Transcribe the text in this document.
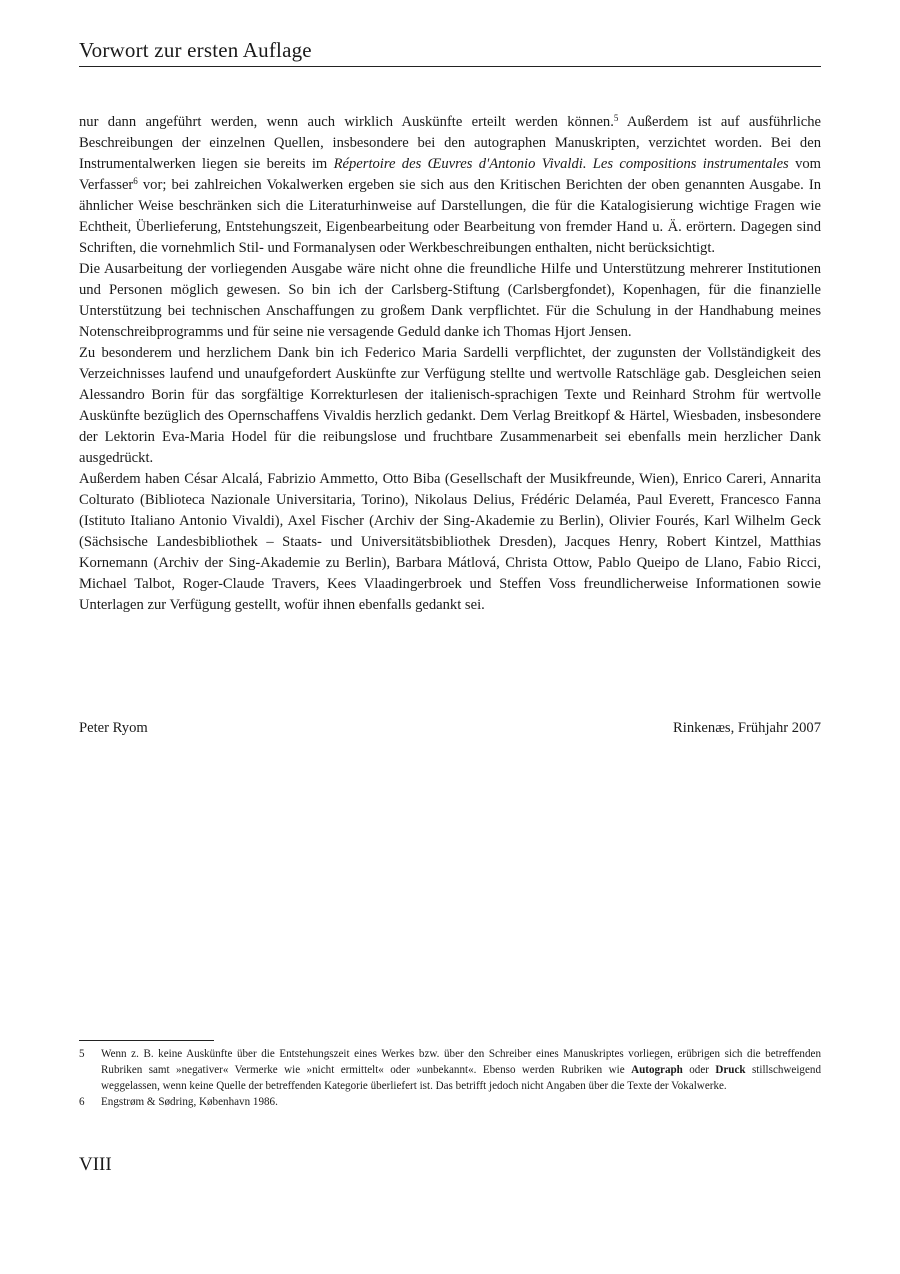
Vorwort zur ersten Auflage

nur dann angeführt werden, wenn auch wirklich Auskünfte erteilt werden können.$^5$ Außerdem ist auf ausführliche Beschreibungen der einzelnen Quellen, insbesondere bei den autographen Manuskripten, verzichtet worden. Bei den Instrumentalwerken liegen sie bereits im Répertoire des Œuvres d'Antonio Vivaldi. Les compositions instrumentales vom Verfasser$^6$ vor; bei zahlreichen Vokalwerken ergeben sie sich aus den Kritischen Berichten der oben genannten Ausgabe. In ähnlicher Weise beschränken sich die Literaturhinweise auf Darstellungen, die für die Katalogisierung wichtige Fragen wie Echtheit, Überlieferung, Entstehungszeit, Eigenbearbeitung oder Bearbeitung von fremder Hand u. Ä. erörtern. Dagegen sind Schriften, die vornehmlich Stil- und Formanalysen oder Werkbeschreibungen enthalten, nicht berücksichtigt.

Die Ausarbeitung der vorliegenden Ausgabe wäre nicht ohne die freundliche Hilfe und Unterstützung mehrerer Institutionen und Personen möglich gewesen. So bin ich der Carlsberg-Stiftung (Carlsbergfondet), Kopenhagen, für die finanzielle Unterstützung bei technischen Anschaffungen zu großem Dank verpflichtet. Für die Schulung in der Handhabung meines Notenschreibprogramms und für seine nie versagende Geduld danke ich Thomas Hjort Jensen.

Zu besonderem und herzlichem Dank bin ich Federico Maria Sardelli verpflichtet, der zugunsten der Vollständigkeit des Verzeichnisses laufend und unaufgefordert Auskünfte zur Verfügung stellte und wertvolle Ratschläge gab. Desgleichen seien Alessandro Borin für das sorgfältige Korrekturlesen der italienisch-sprachigen Texte und Reinhard Strohm für wertvolle Auskünfte bezüglich des Opernschaffens Vivaldis herzlich gedankt. Dem Verlag Breitkopf & Härtel, Wiesbaden, insbesondere der Lektorin Eva-Maria Hodel für die reibungslose und fruchtbare Zusammenarbeit sei ebenfalls mein herzlicher Dank ausgedrückt.

Außerdem haben César Alcalá, Fabrizio Ammetto, Otto Biba (Gesellschaft der Musikfreunde, Wien), Enrico Careri, Annarita Colturato (Biblioteca Nazionale Universitaria, Torino), Nikolaus Delius, Frédéric Delaméa, Paul Everett, Francesco Fanna (Istituto Italiano Antonio Vivaldi), Axel Fischer (Archiv der Sing-Akademie zu Berlin), Olivier Fourés, Karl Wilhelm Geck (Sächsische Landesbibliothek – Staats- und Universitätsbibliothek Dresden), Jacques Henry, Robert Kintzel, Matthias Kornemann (Archiv der Sing-Akademie zu Berlin), Barbara Mátlová, Christa Ottow, Pablo Queipo de Llano, Fabio Ricci, Michael Talbot, Roger-Claude Travers, Kees Vlaadingerbroek und Steffen Voss freundlicherweise Informationen sowie Unterlagen zur Verfügung gestellt, wofür ihnen ebenfalls gedankt sei.

Peter Ryom	Rinkenæs, Frühjahr 2007
5	Wenn z. B. keine Auskünfte über die Entstehungszeit eines Werkes bzw. über den Schreiber eines Manuskriptes vorliegen, erübrigen sich die betreffenden Rubriken samt »negativer« Vermerke wie »nicht ermittelt« oder »unbekannt«. Ebenso werden Rubriken wie Autograph oder Druck stillschweigend weggelassen, wenn keine Quelle der betreffenden Kategorie überliefert ist. Das betrifft jedoch nicht Angaben über die Texte der Vokalwerke.
6	Engstrøm & Sødring, København 1986.
VIII
